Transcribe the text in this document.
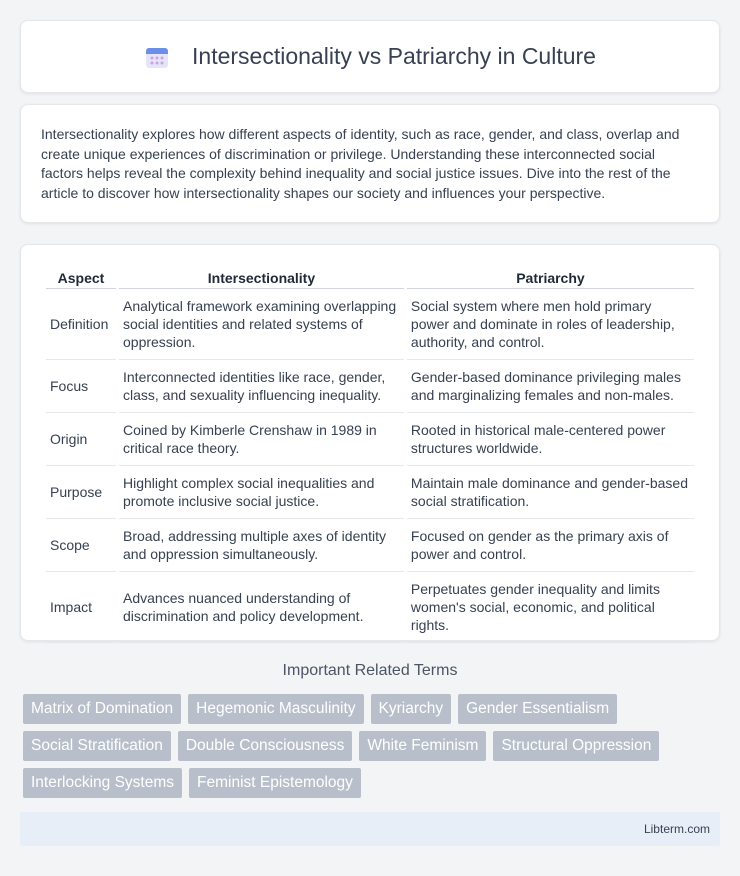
Intersectionality vs Patriarchy in Culture

Intersectionality explores how different aspects of identity, such as race, gender, and class, overlap and create unique experiences of discrimination or privilege. Understanding these interconnected social factors helps reveal the complexity behind inequality and social justice issues. Dive into the rest of the article to discover how intersectionality shapes our society and influences your perspective.

Aspect	Intersectionality	Patriarchy
Definition	Analytical framework examining overlapping social identities and related systems of oppression.	Social system where men hold primary power and dominate in roles of leadership, authority, and control.
Focus	Interconnected identities like race, gender, class, and sexuality influencing inequality.	Gender-based dominance privileging males and marginalizing females and non-males.
Origin	Coined by Kimberle Crenshaw in 1989 in critical race theory.	Rooted in historical male-centered power structures worldwide.
Purpose	Highlight complex social inequalities and promote inclusive social justice.	Maintain male dominance and gender-based social stratification.
Scope	Broad, addressing multiple axes of identity and oppression simultaneously.	Focused on gender as the primary axis of power and control.
Impact	Advances nuanced understanding of discrimination and policy development.	Perpetuates gender inequality and limits women's social, economic, and political rights.
Important Related Terms
Matrix of Domination	Hegemonic Masculinity	Kyriarchy	Gender Essentialism
Social Stratification	Double Consciousness	White Feminism	Structural Oppression
Interlocking Systems	Feminist Epistemology
Libterm.com
